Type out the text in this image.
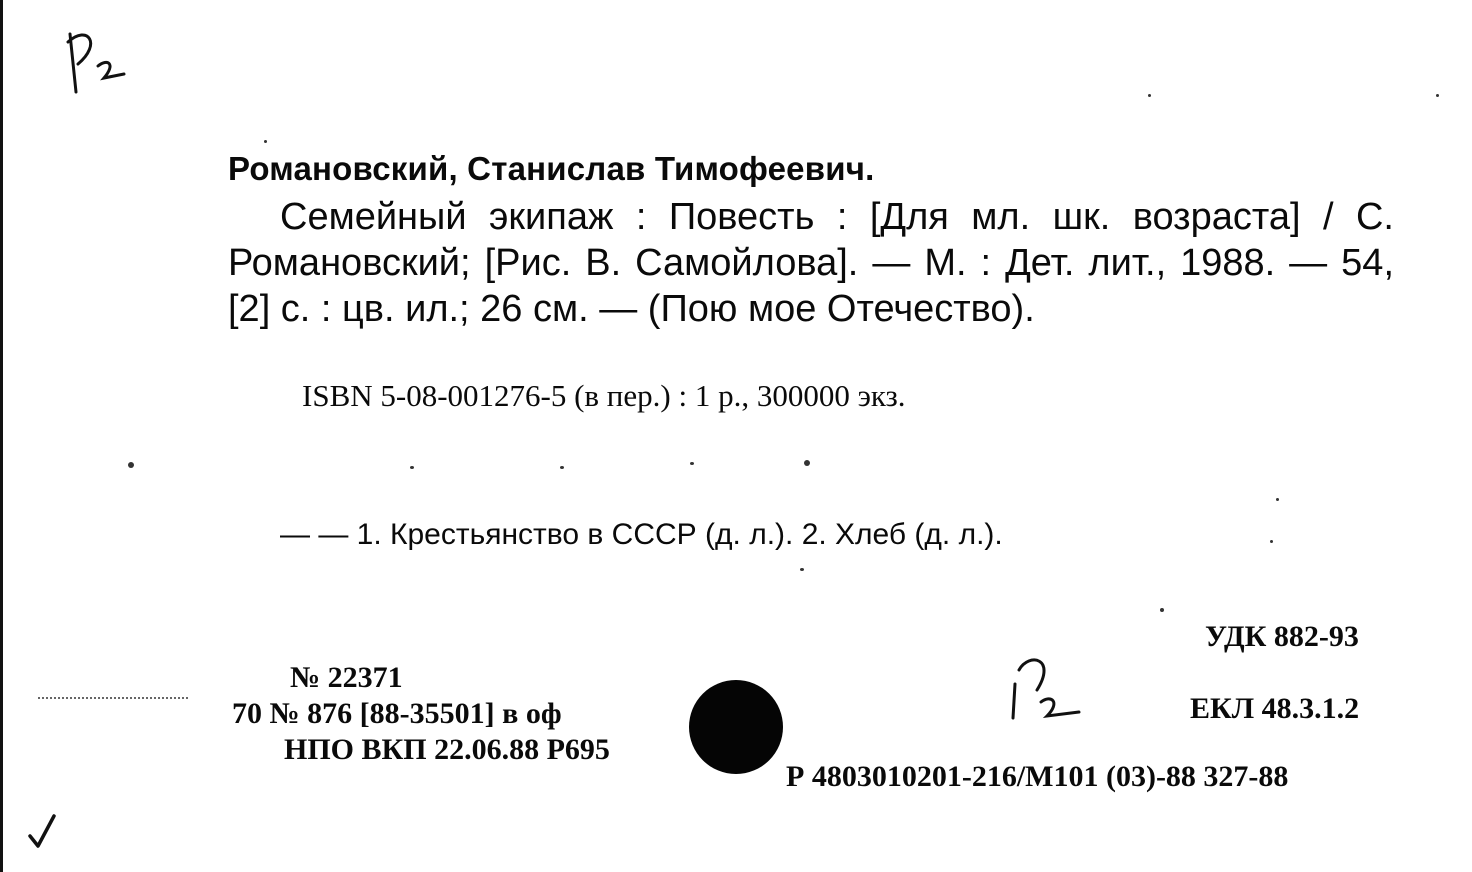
Романовский, Станислав Тимофеевич.
Семейный экипаж : Повесть : [Для мл. шк. возраста] / С. Романовский; [Рис. В. Самойлова]. — М. : Дет. лит., 1988. — 54,[2] с. : цв. ил.; 26 см. — (Пою мое Отечество).
ISBN 5-08-001276-5 (в пер.) : 1 р., 300000 экз.
— — 1. Крестьянство в СССР (д. л.). 2. Хлеб (д. л.).
УДК 882-93
№ 22371
70 № 876 [88-35501] в оф
НПО ВКП 22.06.88 Р695
ЕКЛ 48.3.1.2
Р 4803010201-216/М101 (03)-88 327-88
